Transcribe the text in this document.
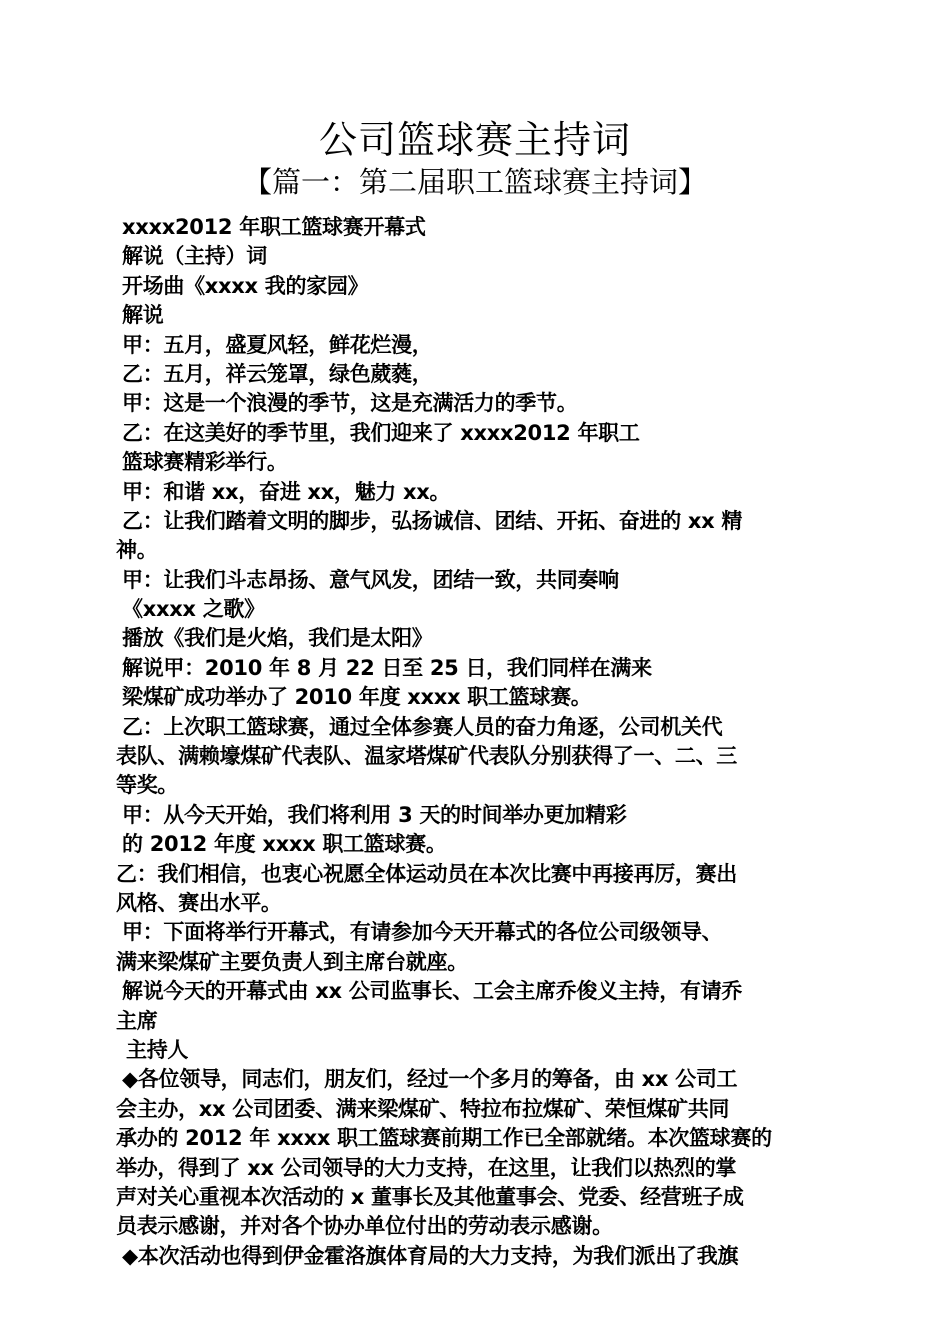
公司篮球赛主持词
【篇一：第二届职工篮球赛主持词】
xxxx2012 年职工篮球赛开幕式
解说（主持）词
开场曲《xxxx 我的家园》
解说
甲：五月，盛夏风轻，鲜花烂漫，
乙：五月，祥云笼罩，绿色葳蕤，
甲：这是一个浪漫的季节，这是充满活力的季节。
乙：在这美好的季节里，我们迎来了 xxxx2012 年职工
篮球赛精彩举行。
甲：和谐 xx，奋进 xx，魅力 xx。
乙：让我们踏着文明的脚步，弘扬诚信、团结、开拓、奋进的 xx 精
神。
甲：让我们斗志昂扬、意气风发，团结一致，共同奏响
《xxxx 之歌》
播放《我们是火焰，我们是太阳》
解说甲：2010 年 8 月 22 日至 25 日，我们同样在满来
梁煤矿成功举办了 2010 年度 xxxx 职工篮球赛。
乙：上次职工篮球赛，通过全体参赛人员的奋力角逐，公司机关代
表队、满赖壕煤矿代表队、温家塔煤矿代表队分别获得了一、二、三
等奖。
甲：从今天开始，我们将利用 3 天的时间举办更加精彩
的 2012 年度 xxxx 职工篮球赛。
乙：我们相信，也衷心祝愿全体运动员在本次比赛中再接再厉，赛出
风格、赛出水平。
甲：下面将举行开幕式，有请参加今天开幕式的各位公司级领导、
满来梁煤矿主要负责人到主席台就座。
解说今天的开幕式由 xx 公司监事长、工会主席乔俊义主持，有请乔
主席
主持人
◆各位领导，同志们，朋友们，经过一个多月的筹备，由 xx 公司工
会主办，xx 公司团委、满来梁煤矿、特拉布拉煤矿、荣恒煤矿共同
承办的 2012 年 xxxx 职工篮球赛前期工作已全部就绪。本次篮球赛的
举办，得到了 xx 公司领导的大力支持，在这里，让我们以热烈的掌
声对关心重视本次活动的 x 董事长及其他董事会、党委、经营班子成
员表示感谢，并对各个协办单位付出的劳动表示感谢。
◆本次活动也得到伊金霍洛旗体育局的大力支持，为我们派出了我旗
